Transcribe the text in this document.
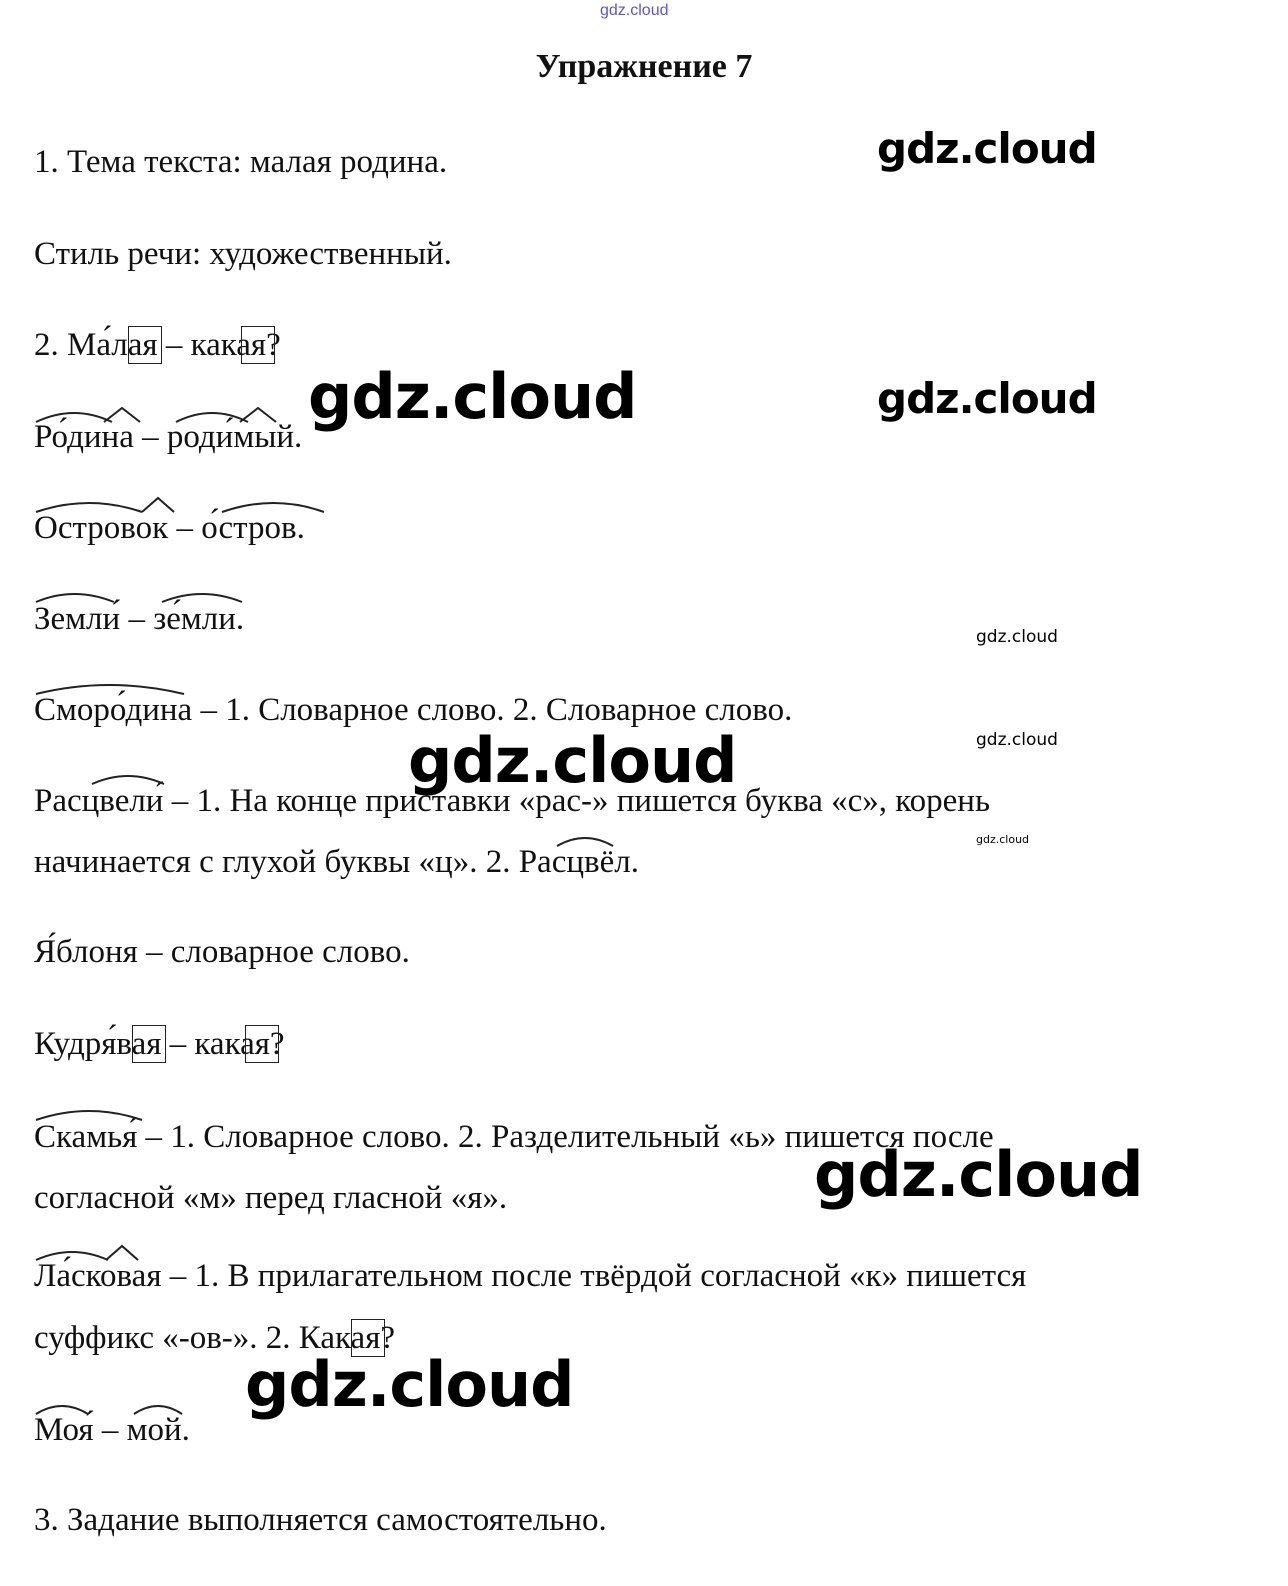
gdz.cloud
Упражнение 7
1. Тема текста: малая родина.
Стиль речи: художественный.
2. Ма́лая – какая?
Ро́дина – роди́мый.
Островок – о́стров.
Земли́ – зе́мли.
Сморо́дина – 1. Словарное слово. 2. Словарное слово.
Расцвели́ – 1. На конце приставки «рас-» пишется буква «с», корень
начинается с глухой буквы «ц». 2. Расцвёл.
Я́блоня – словарное слово.
Кудря́вая – какая?
Скамья́ – 1. Словарное слово. 2. Разделительный «ь» пишется после
согласной «м» перед гласной «я».
Ла́сковая – 1. В прилагательном после твёрдой согласной «к» пишется
суффикс «-ов-». 2. Какая?
Моя́ – мой.
3. Задание выполняется самостоятельно.
gdz.cloud
gdz.cloud	gdz.cloud
gdz.cloud
gdz.cloud	gdz.cloud
gdz.cloud
gdz.cloud
gdz.cloud
